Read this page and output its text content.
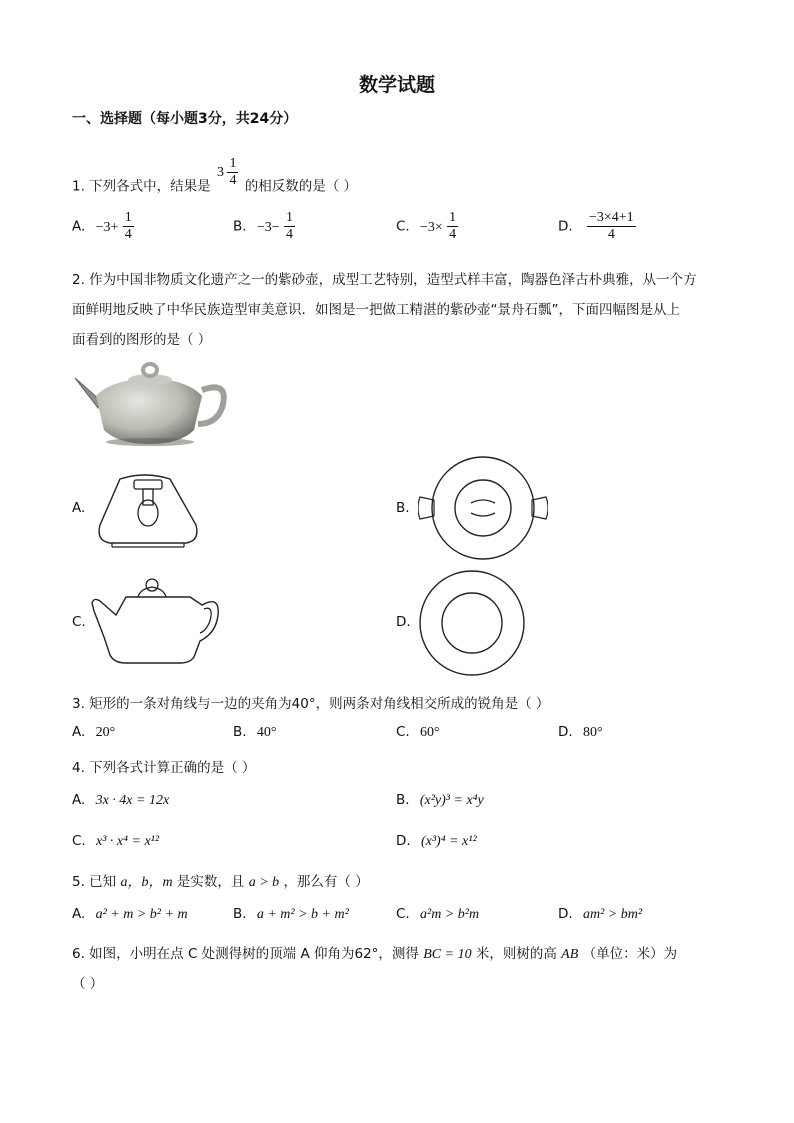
数学试题
一、选择题（每小题3分，共24分）
1. 下列各式中，结果是 $3 \frac{1}{4}$ 的相反数的是（ ）
A. $-3+ \frac{1}{4}$	B. $-3- \frac{1}{4}$	C. $-3\times \frac{1}{4}$	D. $\frac{-3\times 4+1}{4}$
2. 作为中国非物质文化遗产之一的紫砂壶，成型工艺特别，造型式样丰富，陶器色泽古朴典雅，从一个方
面鲜明地反映了中华民族造型审美意识．如图是一把做工精湛的紫砂壶“景舟石瓢”，下面四幅图是从上
面看到的图形的是（ ）
A.	B.
C.	D.
3. 矩形的一条对角线与一边的夹角为40°，则两条对角线相交所成的锐角是（ ）
A. 20°	B. 40°	C. 60°	D. 80°
4. 下列各式计算正确的是（ ）
A. 3x · 4x = 12x	B. (x²y)³ = x⁴y
C. x³ · x⁴ = x¹²	D. (x³)⁴ = x¹²
5. 已知 a，b，m 是实数，且 a > b ，那么有（ ）
A. a² + m > b² + m	B. a + m² > b + m²	C. a²m > b²m	D. am² > bm²
6. 如图，小明在点 C 处测得树的顶端 A 仰角为62°，测得 BC = 10 米，则树的高 AB （单位：米）为
（ ）
